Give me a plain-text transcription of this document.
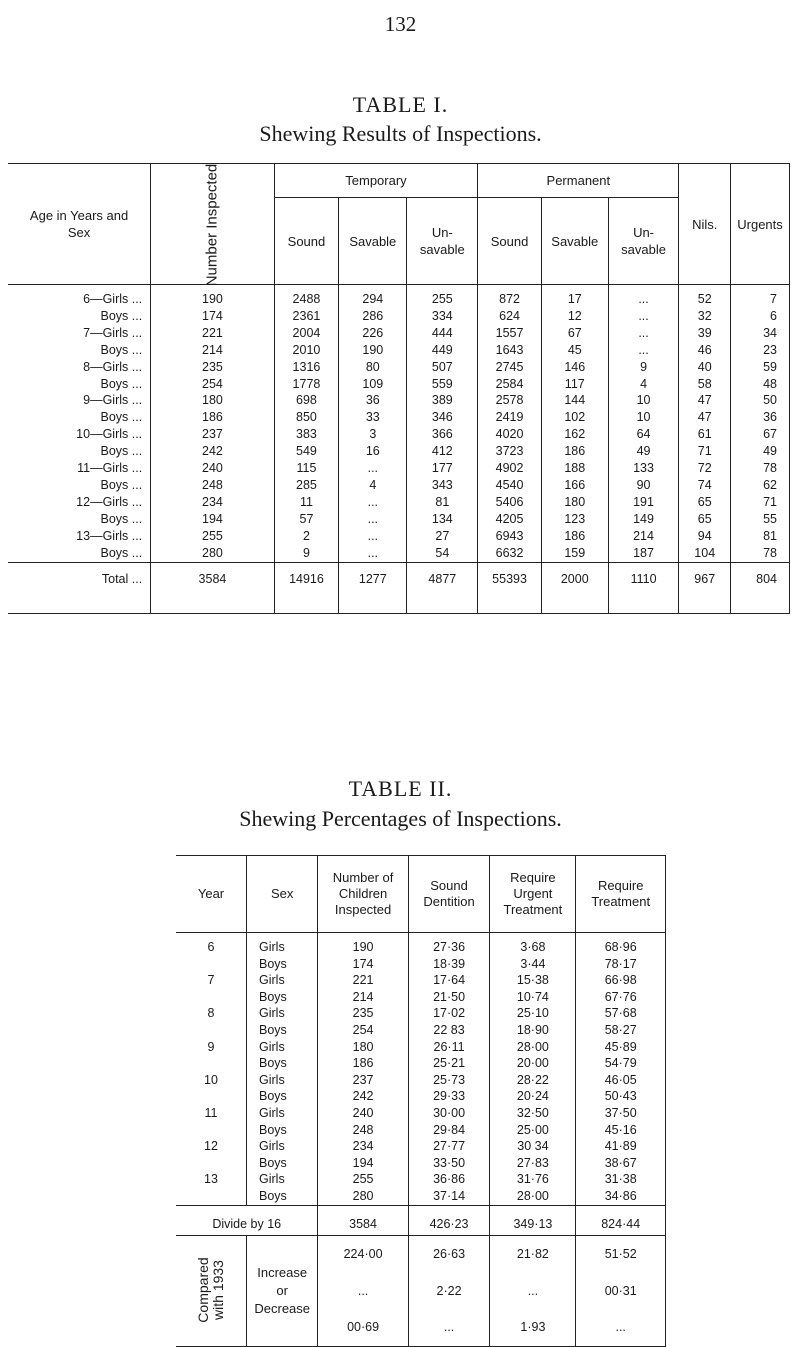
132
TABLE I.
Shewing Results of Inspections.
Age in Years and Sex	Number Inspected	Temporary			Permanent			Nils.	Urgents
		Sound	Savable	Un- savable	Sound	Savable	Un- savable		

6—Girls ...	190	2488	294	255	872	17	...	52	7
Boys ...	174	2361	286	334	624	12	...	32	6
7—Girls ...	221	2004	226	444	1557	67	...	39	34
Boys ...	214	2010	190	449	1643	45	...	46	23
8—Girls ...	235	1316	80	507	2745	146	9	40	59
Boys ...	254	1778	109	559	2584	117	4	58	48
9—Girls ...	180	698	36	389	2578	144	10	47	50
Boys ...	186	850	33	346	2419	102	10	47	36
10—Girls ...	237	383	3	366	4020	162	64	61	67
Boys ...	242	549	16	412	3723	186	49	71	49
11—Girls ...	240	115	...	177	4902	188	133	72	78
Boys ...	248	285	4	343	4540	166	90	74	62
12—Girls ...	234	11	...	81	5406	180	191	65	71
Boys ...	194	57	...	134	4205	123	149	65	55
13—Girls ...	255	2	...	27	6943	186	214	94	81
Boys ...	280	9	...	54	6632	159	187	104	78
Total ...	3584	14916	1277	4877	55393	2000	1110	967	804
TABLE II.
Shewing Percentages of Inspections.
Year	Sex	Number of Children Inspected	Sound Dentition	Require Urgent Treatment	Require Treatment
6	Girls	190	27·36	3·68	68·96
	Boys	174	18·39	3·44	78·17
7	Girls	221	17·64	15·38	66·98
	Boys	214	21·50	10·74	67·76
8	Girls	235	17·02	25·10	57·68
	Boys	254	22 83	18·90	58·27
9	Girls	180	26·11	28·00	45·89
	Boys	186	25·21	20·00	54·79
10	Girls	237	25·73	28·22	46·05
	Boys	242	29·33	20·24	50·43
11	Girls	240	30·00	32·50	37·50
	Boys	248	29·84	25·00	45·16
12	Girls	234	27·77	30 34	41·89
	Boys	194	33·50	27·83	38·67
13	Girls	255	36·86	31·76	31·38
	Boys	280	37·14	28·00	34·86
Divide by 16		3584	426·23	349·13	824·44
Compared with 1933	Increase or Decrease	224·00	26·63	21·82	51·52
		...	2·22	...	00·31
		00·69	...	1·93	...
